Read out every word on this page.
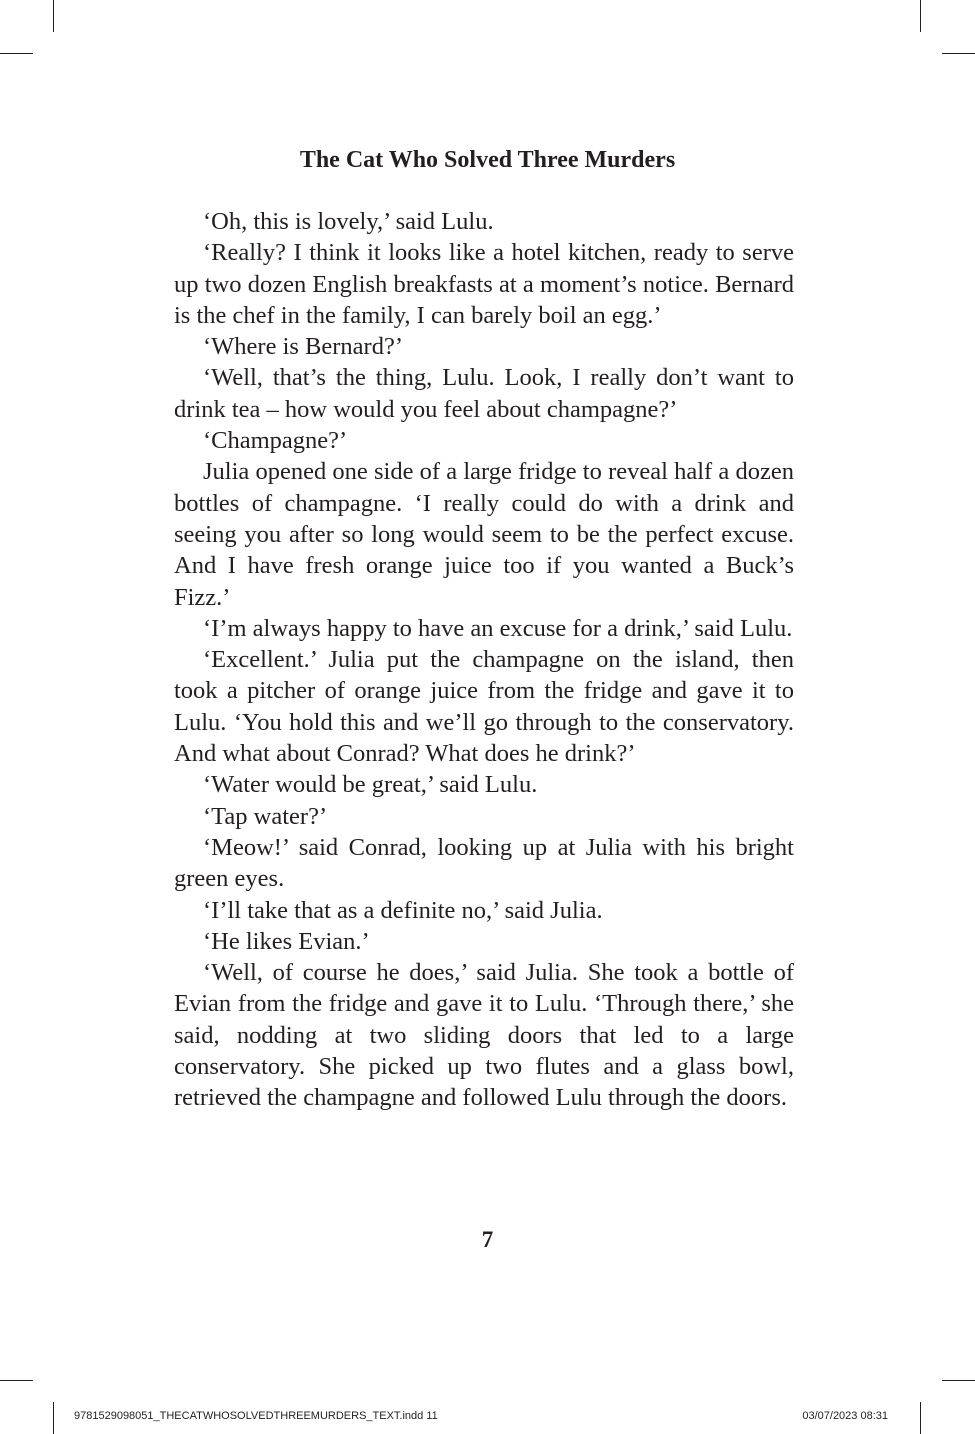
The Cat Who Solved Three Murders

‘Oh, this is lovely,’ said Lulu.

‘Really? I think it looks like a hotel kitchen, ready to serve up two dozen English breakfasts at a moment’s notice. Bernard is the chef in the family, I can barely boil an egg.’

‘Where is Bernard?’

‘Well, that’s the thing, Lulu. Look, I really don’t want to drink tea – how would you feel about champagne?’

‘Champagne?’

Julia opened one side of a large fridge to reveal half a dozen bottles of champagne. ‘I really could do with a drink and seeing you after so long would seem to be the perfect excuse. And I have fresh orange juice too if you wanted a Buck’s Fizz.’

‘I’m always happy to have an excuse for a drink,’ said Lulu.

‘Excellent.’ Julia put the champagne on the island, then took a pitcher of orange juice from the fridge and gave it to Lulu. ‘You hold this and we’ll go through to the conservatory. And what about Conrad? What does he drink?’

‘Water would be great,’ said Lulu.

‘Tap water?’

‘Meow!’ said Conrad, looking up at Julia with his bright green eyes.

‘I’ll take that as a definite no,’ said Julia.

‘He likes Evian.’

‘Well, of course he does,’ said Julia. She took a bottle of Evian from the fridge and gave it to Lulu. ‘Through there,’ she said, nodding at two sliding doors that led to a large conservatory. She picked up two flutes and a glass bowl, retrieved the champagne and followed Lulu through the doors.

7
9781529098051_THECATWHOSOLVEDTHREEMURDERS_TEXT.indd 11	03/07/2023 08:31
